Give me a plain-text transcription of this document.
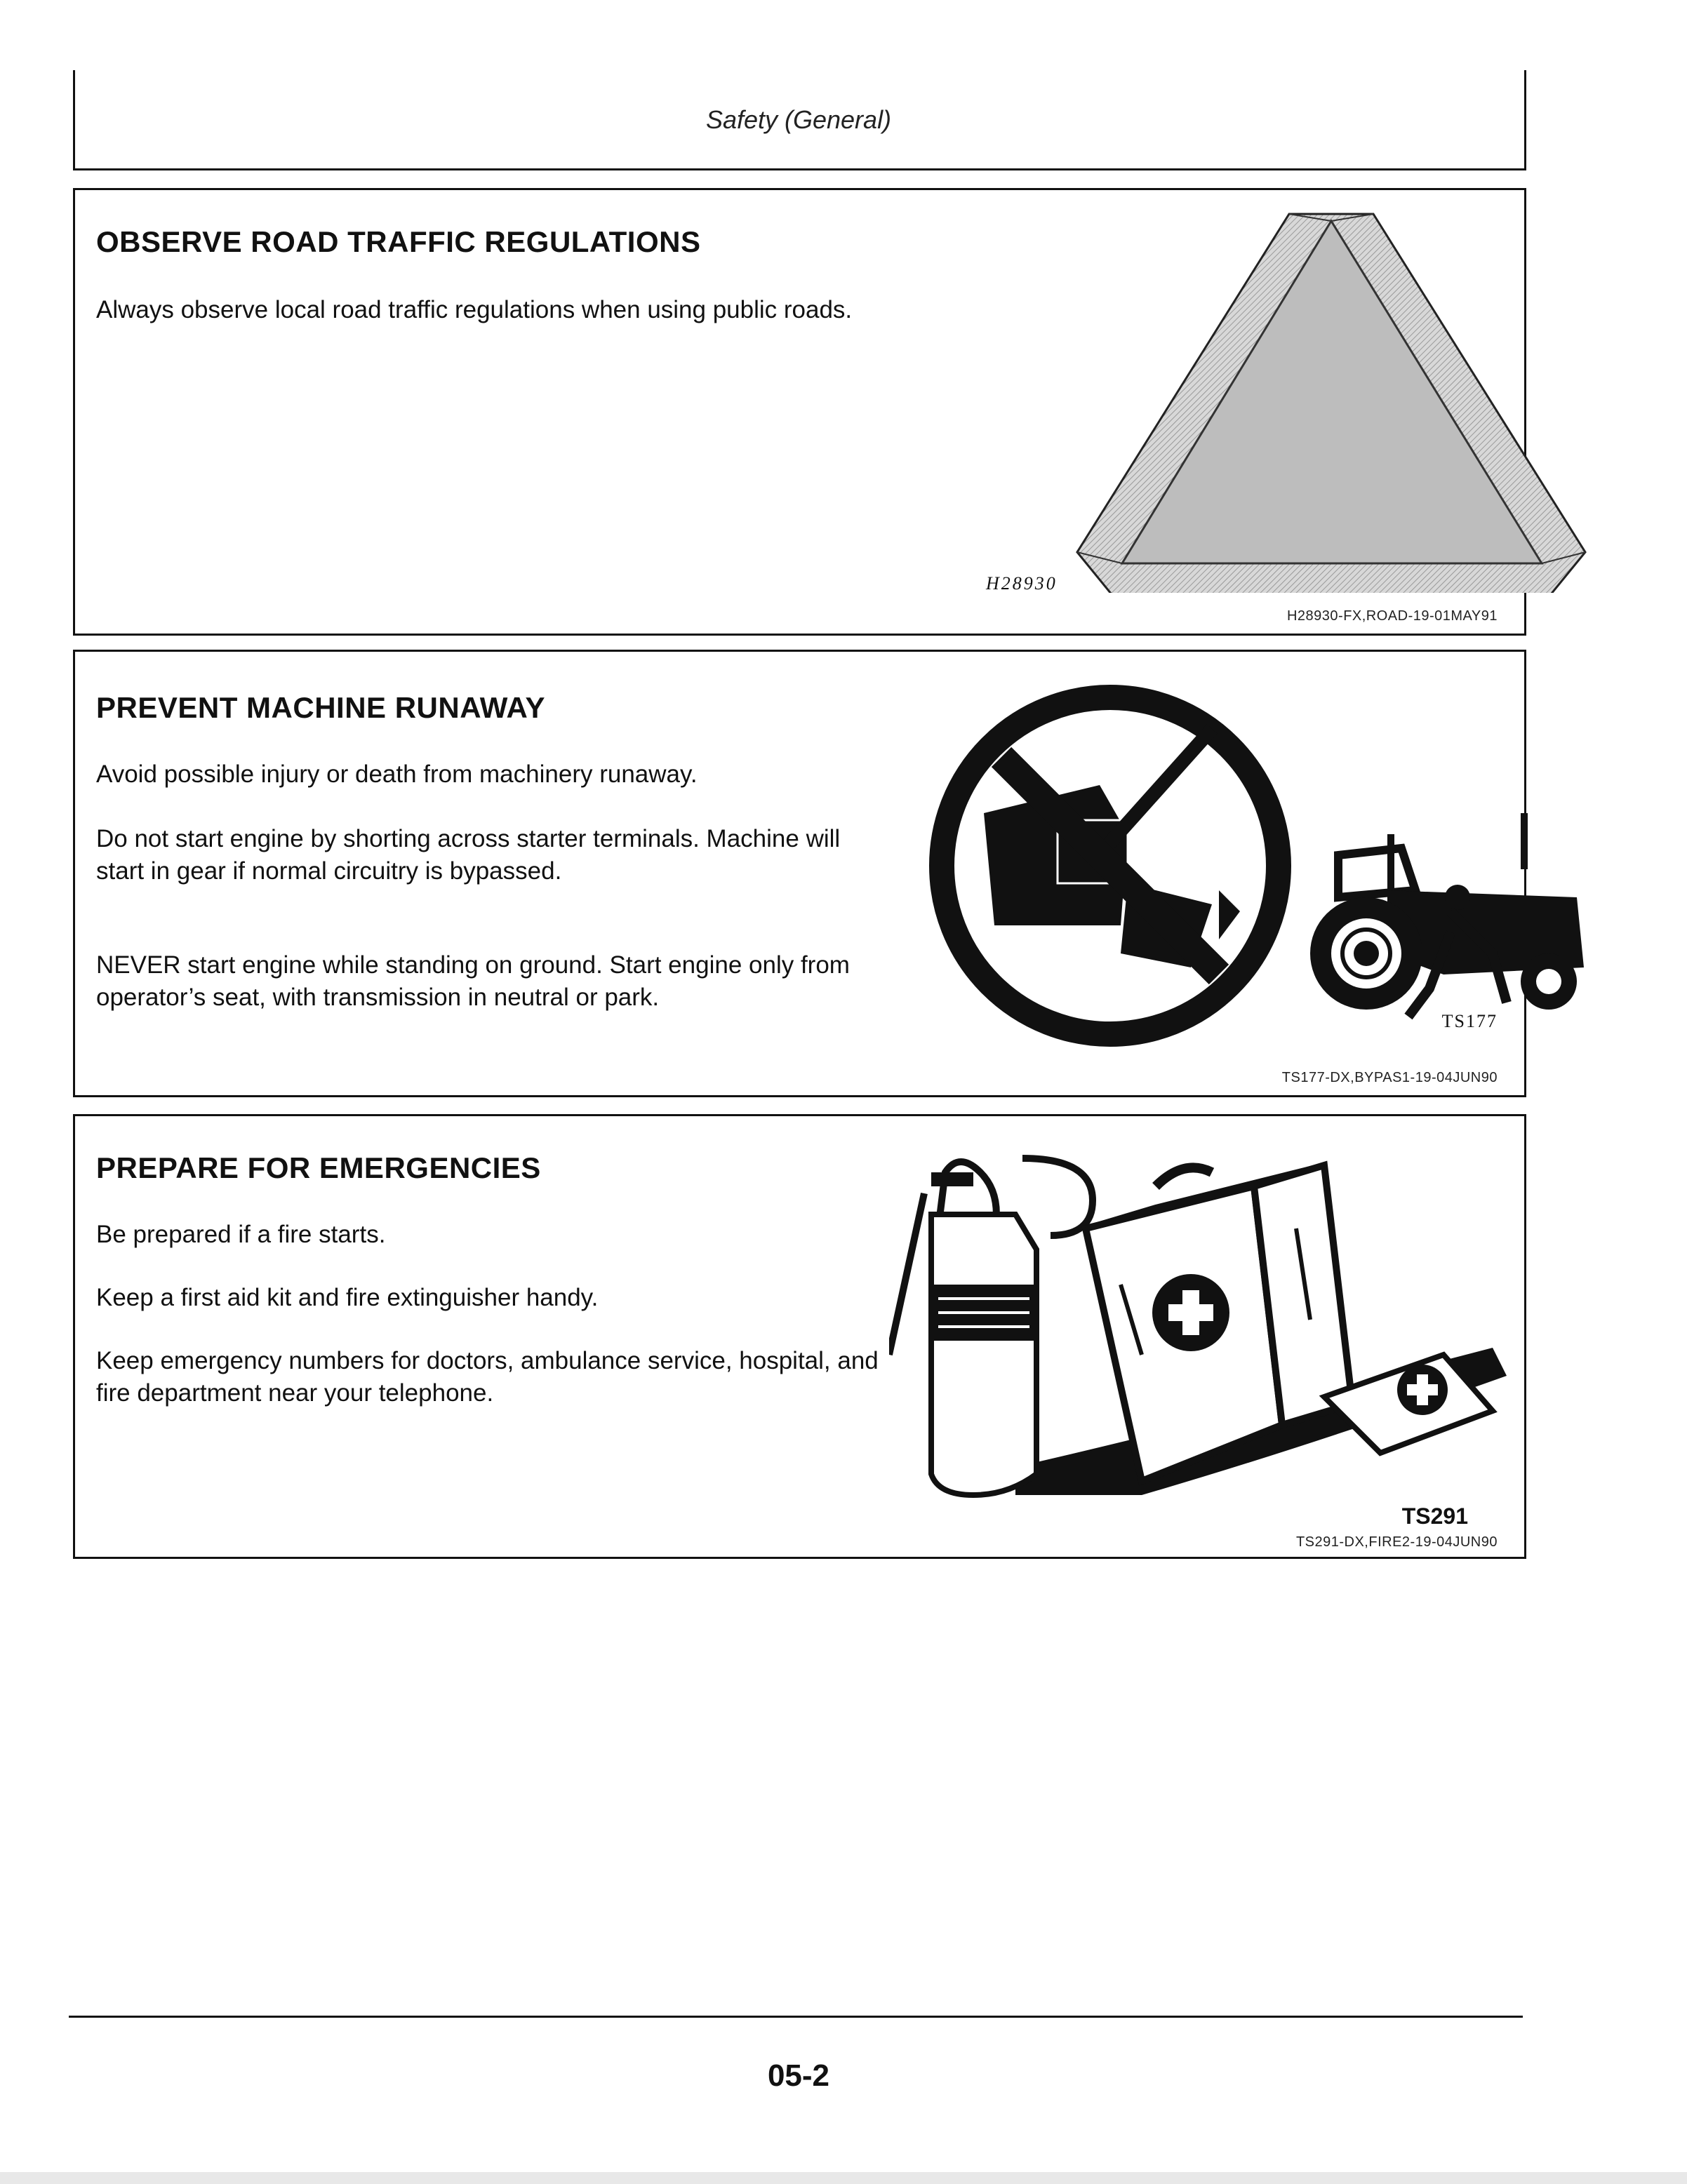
Safety (General)
OBSERVE ROAD TRAFFIC REGULATIONS
Always observe local road traffic regulations when using public roads.
H28930
H28930-FX,ROAD-19-01MAY91
PREVENT MACHINE RUNAWAY
Avoid possible injury or death from machinery runaway.
Do not start engine by shorting across starter terminals. Machine will start in gear if normal circuitry is bypassed.
NEVER start engine while standing on ground. Start engine only from operator’s seat, with transmission in neutral or park.
TS177
TS177-DX,BYPAS1-19-04JUN90
PREPARE FOR EMERGENCIES
Be prepared if a fire starts.
Keep a first aid kit and fire extinguisher handy.
Keep emergency numbers for doctors, ambulance service, hospital, and fire department near your telephone.
TS291
TS291-DX,FIRE2-19-04JUN90
05-2
